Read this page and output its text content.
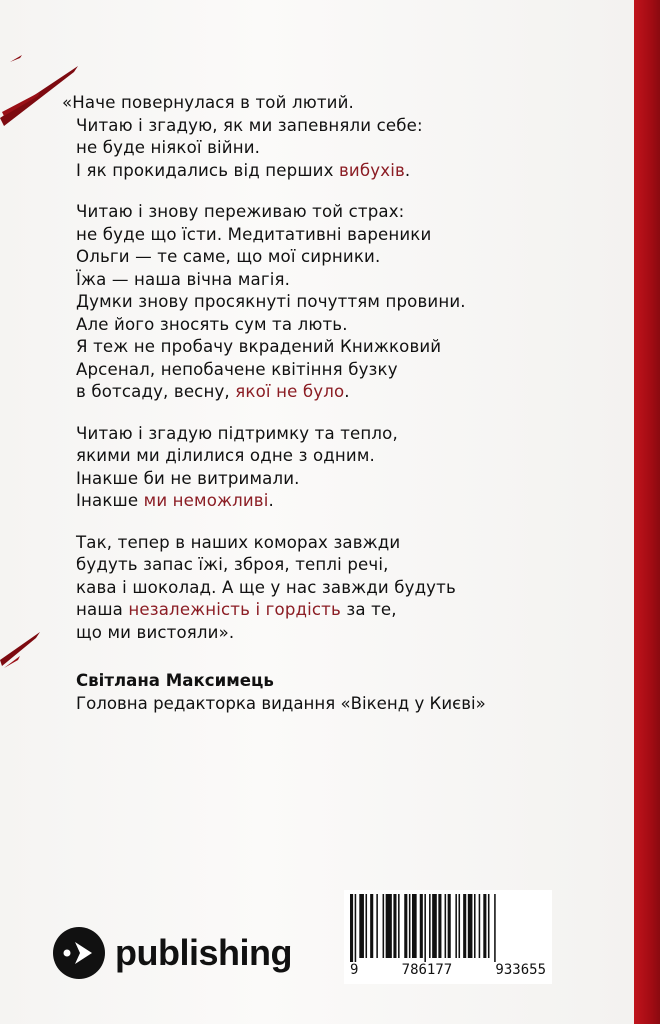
«Наче повернулася в той лютий.
Читаю і згадую, як ми запевняли себе:
не буде ніякої війни.
І як прокидались від перших вибухів.
Читаю і знову переживаю той страх:
не буде що їсти. Медитативні вареники
Ольги — те саме, що мої сирники.
Їжа — наша вічна магія.
Думки знову просякнуті почуттям провини.
Але його зносять сум та лють.
Я теж не пробачу вкрадений Книжковий
Арсенал, непобачене квітіння бузку
в ботсаду, весну, якої не було.
Читаю і згадую підтримку та тепло,
якими ми ділилися одне з одним.
Інакше би не витримали.
Інакше ми неможливі.
Так, тепер в наших коморах завжди
будуть запас їжі, зброя, теплі речі,
кава і шоколад. А ще у нас завжди будуть
наша незалежність і гордість за те,
що ми вистояли».
Світлана Максимець
Головна редакторка видання «Вікенд у Києві»
publishing	9	786177	933655
